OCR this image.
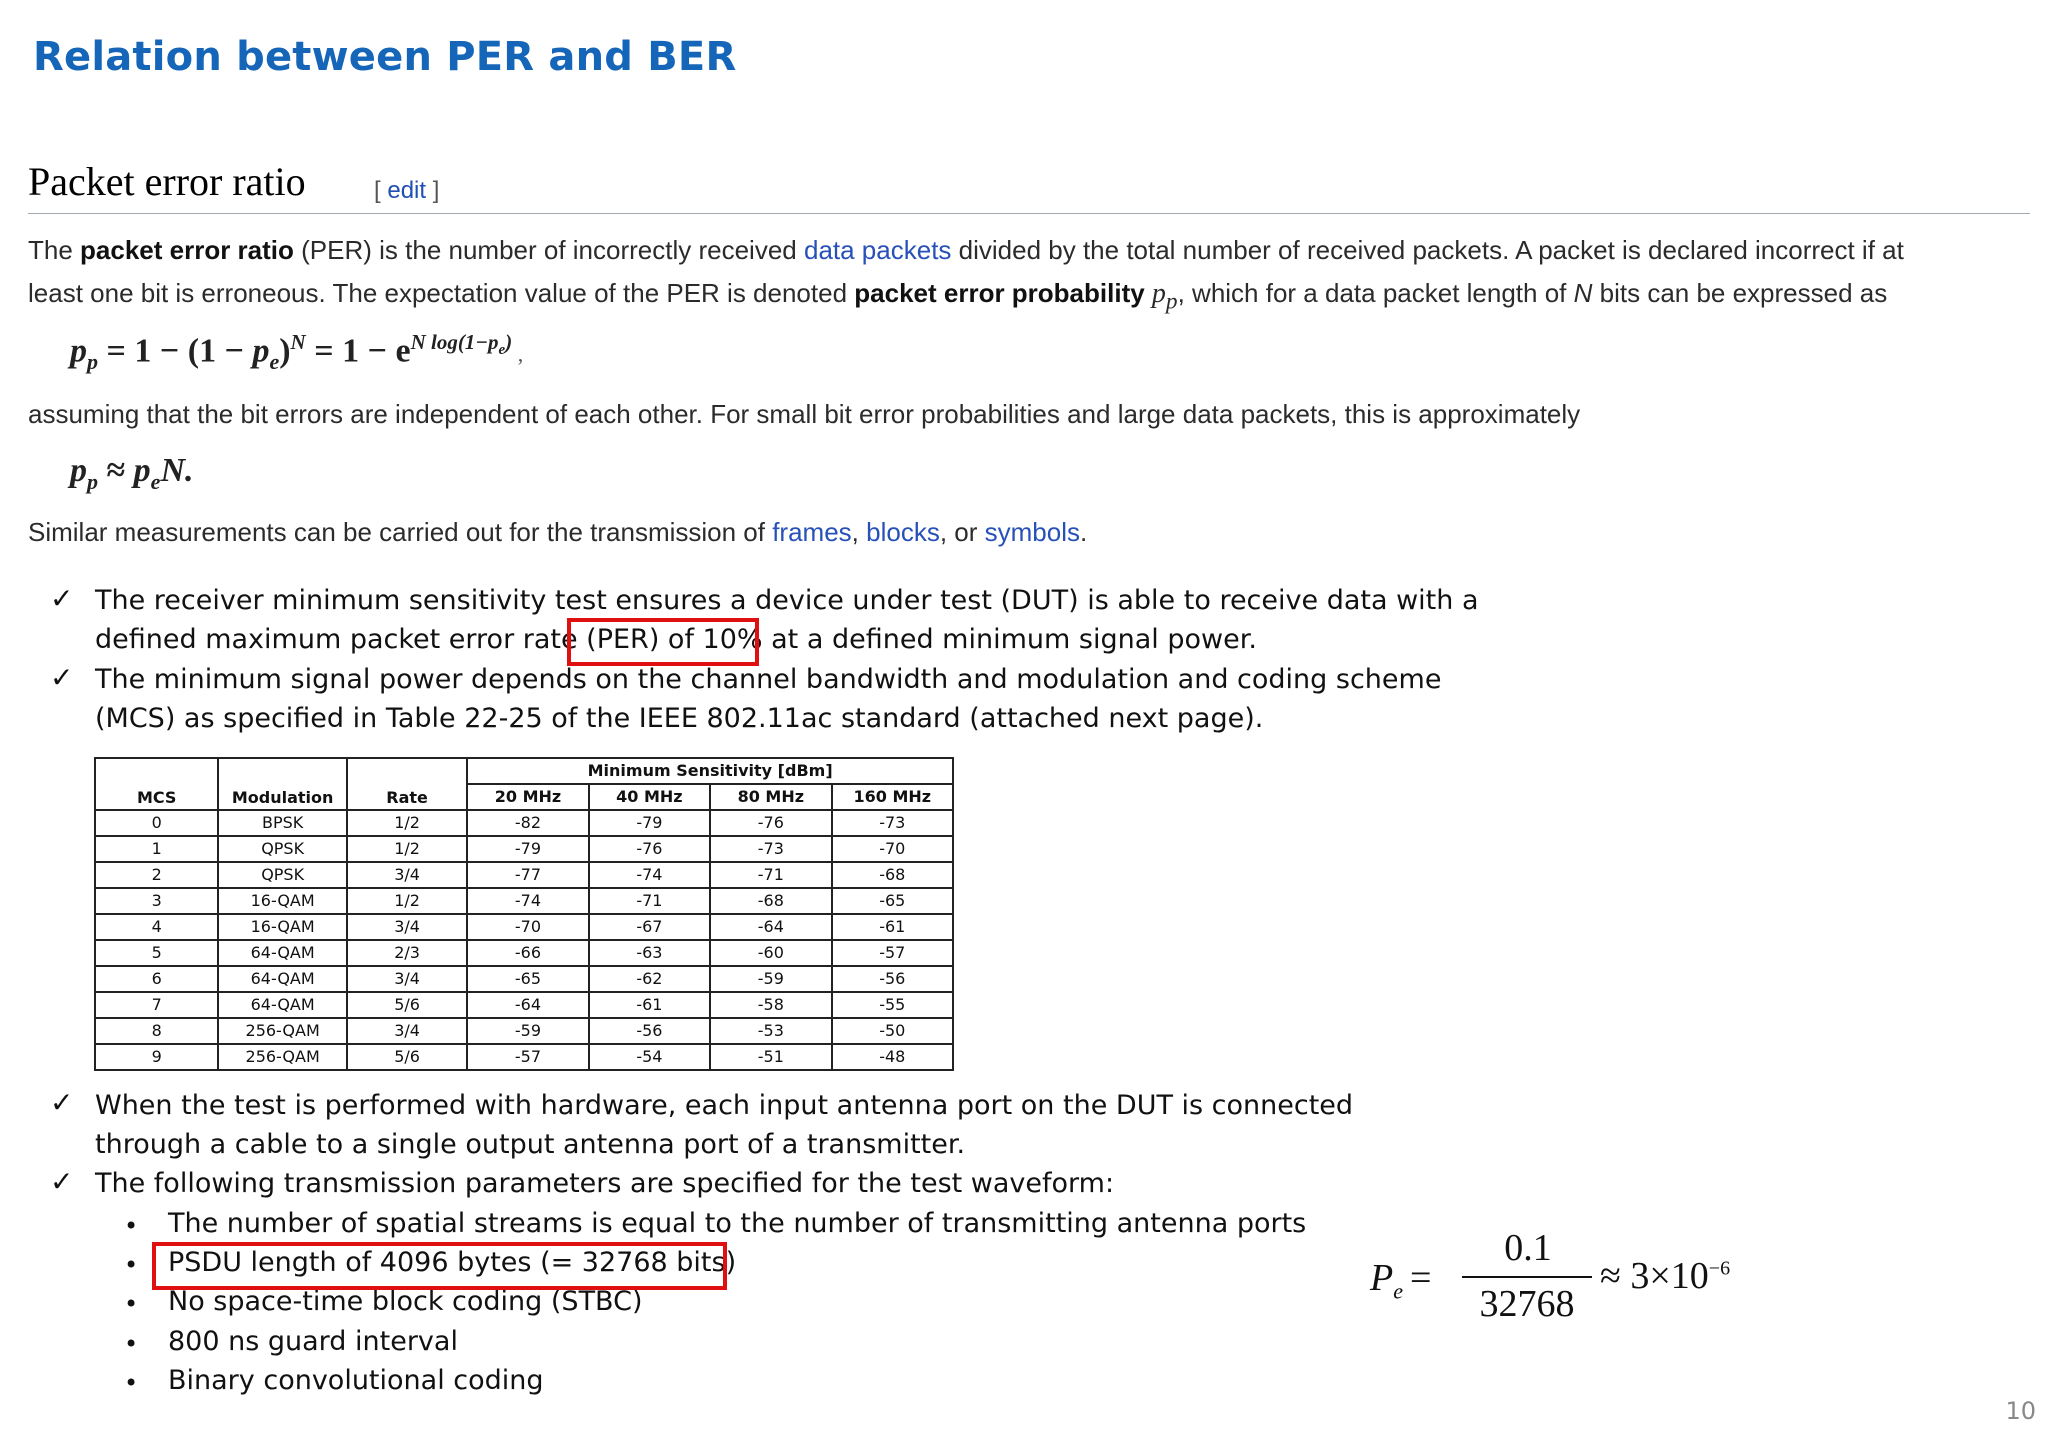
Relation between PER and BER
Packet error ratio	[ edit ]
The packet error ratio (PER) is the number of incorrectly received data packets divided by the total number of received packets. A packet is declared incorrect if at
least one bit is erroneous. The expectation value of the PER is denoted packet error probability $p_p$, which for a data packet length of N bits can be expressed as
$p_p = 1 - (1 - p_e)^N = 1 - e^{N log(1-p_e)}$ ,
assuming that the bit errors are independent of each other. For small bit error probabilities and large data packets, this is approximately
$p_p \approx p_eN$.
Similar measurements can be carried out for the transmission of frames, blocks, or symbols.
✓ The receiver minimum sensitivity test ensures a device under test (DUT) is able to receive data with a
defined maximum packet error rate (PER) of 10% at a defined minimum signal power.
✓ The minimum signal power depends on the channel bandwidth and modulation and coding scheme
(MCS) as specified in Table 22-25 of the IEEE 802.11ac standard (attached next page).
✓ When the test is performed with hardware, each input antenna port on the DUT is connected
through a cable to a single output antenna port of a transmitter.
✓ The following transmission parameters are specified for the test waveform:
• The number of spatial streams is equal to the number of transmitting antenna ports
• PSDU length of 4096 bytes (= 32768 bits)
• No space-time block coding (STBC)
• 800 ns guard interval
• Binary convolutional coding
MCS	Modulation	Rate	Minimum Sensitivity [dBm]			
			20 MHz	40 MHz	80 MHz	160 MHz
0	BPSK	1/2	-82	-79	-76	-73
1	QPSK	1/2	-79	-76	-73	-70
2	QPSK	3/4	-77	-74	-71	-68
3	16-QAM	1/2	-74	-71	-68	-65
4	16-QAM	3/4	-70	-67	-64	-61
5	64-QAM	2/3	-66	-63	-60	-57
6	64-QAM	3/4	-65	-62	-59	-56
7	64-QAM	5/6	-64	-61	-58	-55
8	256-QAM	3/4	-59	-56	-53	-50
9	256-QAM	5/6	-57	-54	-51	-48
$P_e$ =
0.1
32768
≈ $3\times 10^{-6}$
10
